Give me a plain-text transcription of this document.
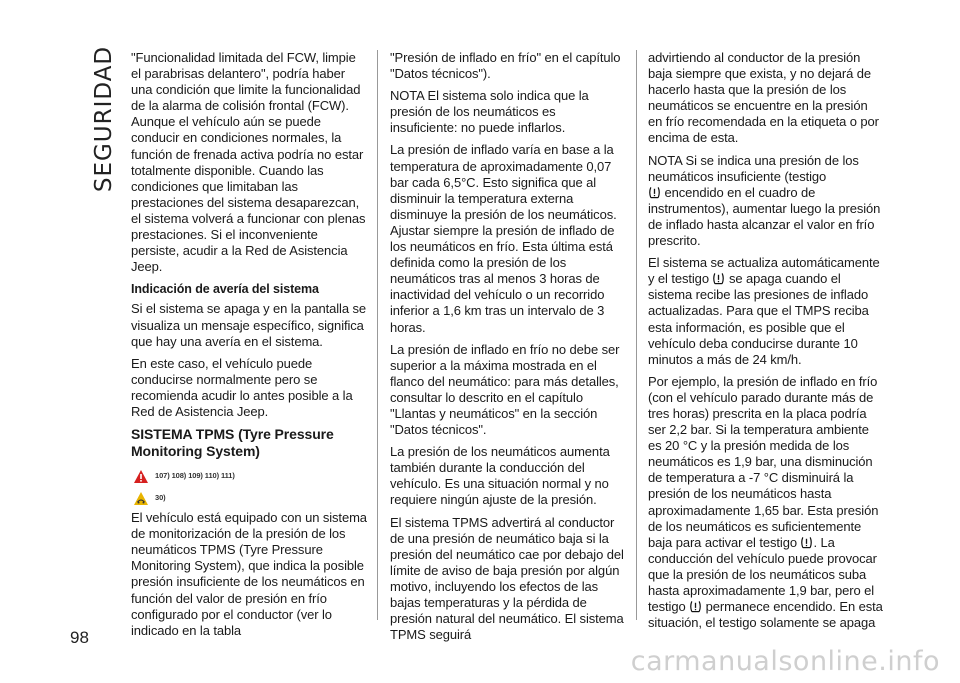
SEGURIDAD
98

"Funcionalidad limitada del FCW, limpie el parabrisas delantero", podría haber una condición que limite la funcionalidad de la alarma de colisión frontal (FCW). Aunque el vehículo aún se puede conducir en condiciones normales, la función de frenada activa podría no estar totalmente disponible. Cuando las condiciones que limitaban las prestaciones del sistema desaparezcan, el sistema volverá a funcionar con plenas prestaciones. Si el inconveniente persiste, acudir a la Red de Asistencia Jeep.

Indicación de avería del sistema

Si el sistema se apaga y en la pantalla se visualiza un mensaje específico, significa que hay una avería en el sistema.

En este caso, el vehículo puede conducirse normalmente pero se recomienda acudir lo antes posible a la Red de Asistencia Jeep.

SISTEMA TPMS (Tyre Pressure Monitoring System)
107) 108) 109) 110) 111)
30)

El vehículo está equipado con un sistema de monitorización de la presión de los neumáticos TPMS (Tyre Pressure Monitoring System), que indica la posible presión insuficiente de los neumáticos en función del valor de presión en frío configurado por el conductor (ver lo indicado en la tabla

"Presión de inflado en frío" en el capítulo "Datos técnicos").

NOTA El sistema solo indica que la presión de los neumáticos es insuficiente: no puede inflarlos.

La presión de inflado varía en base a la temperatura de aproximadamente 0,07 bar cada 6,5°C. Esto significa que al disminuir la temperatura externa disminuye la presión de los neumáticos. Ajustar siempre la presión de inflado de los neumáticos en frío. Esta última está definida como la presión de los neumáticos tras al menos 3 horas de inactividad del vehículo o un recorrido inferior a 1,6 km tras un intervalo de 3 horas.

La presión de inflado en frío no debe ser superior a la máxima mostrada en el flanco del neumático: para más detalles, consultar lo descrito en el capítulo "Llantas y neumáticos" en la sección "Datos técnicos".

La presión de los neumáticos aumenta también durante la conducción del vehículo. Es una situación normal y no requiere ningún ajuste de la presión.

El sistema TPMS advertirá al conductor de una presión de neumático baja si la presión del neumático cae por debajo del límite de aviso de baja presión por algún motivo, incluyendo los efectos de las bajas temperaturas y la pérdida de presión natural del neumático. El sistema TPMS seguirá

advirtiendo al conductor de la presión baja siempre que exista, y no dejará de hacerlo hasta que la presión de los neumáticos se encuentre en la presión en frío recomendada en la etiqueta o por encima de esta.

NOTA Si se indica una presión de los neumáticos insuficiente (testigo
encendido en el cuadro de instrumentos), aumentar luego la presión de inflado hasta alcanzar el valor en frío prescrito.

El sistema se actualiza automáticamente y el testigo se apaga cuando el sistema recibe las presiones de inflado actualizadas. Para que el TMPS reciba esta información, es posible que el vehículo deba conducirse durante 10 minutos a más de 24 km/h.

Por ejemplo, la presión de inflado en frío (con el vehículo parado durante más de tres horas) prescrita en la placa podría ser 2,2 bar. Si la temperatura ambiente es 20 °C y la presión medida de los neumáticos es 1,9 bar, una disminución de temperatura a -7 °C disminuirá la presión de los neumáticos hasta aproximadamente 1,65 bar. Esta presión de los neumáticos es suficientemente baja para activar el testigo . La conducción del vehículo puede provocar que la presión de los neumáticos suba hasta aproximadamente 1,9 bar, pero el testigo permanece encendido. En esta situación, el testigo solamente se apaga

carmanualsonline.info
